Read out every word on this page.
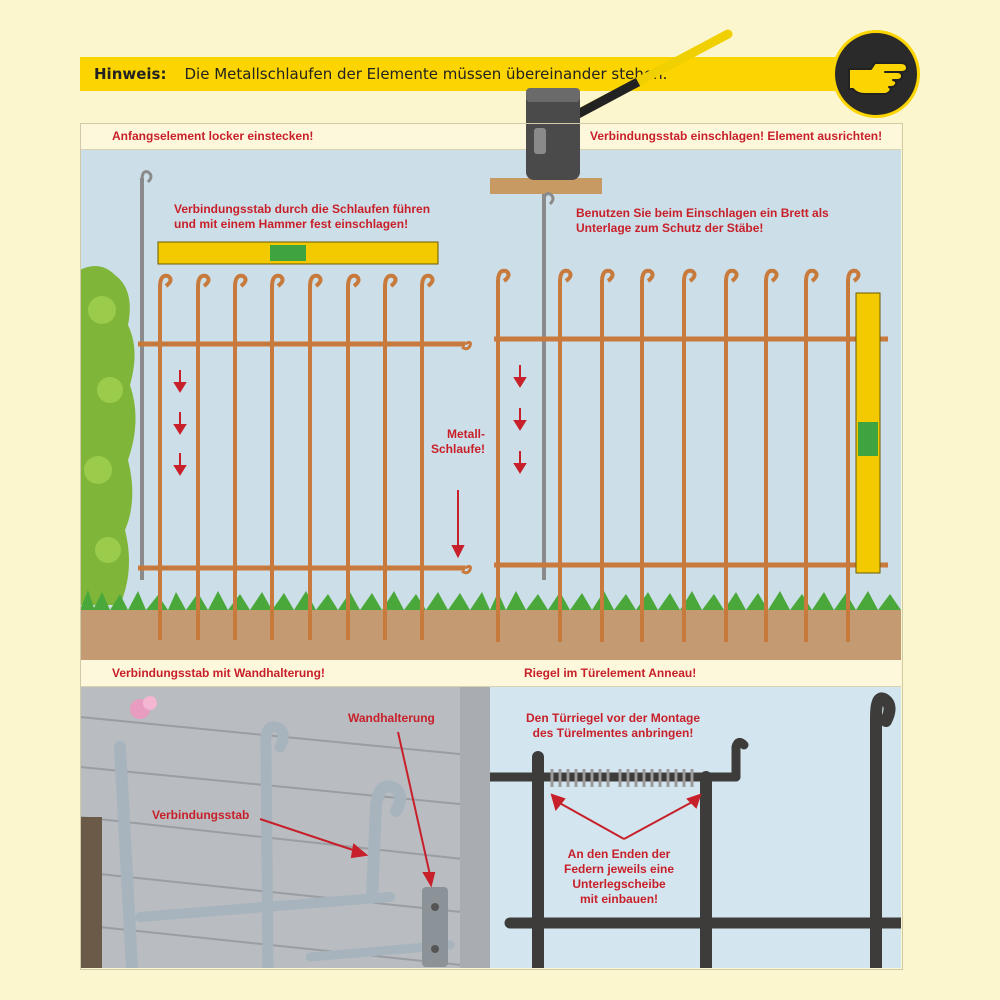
Hinweis: Die Metallschlaufen der Elemente müssen übereinander stehen.
Anfangselement locker einstecken!
Verbindungsstab durch die Schlaufen führen
und mit einem Hammer fest einschlagen!
Metall-
Schlaufe!
Verbindungsstab einschlagen! Element ausrichten!
Benutzen Sie beim Einschlagen ein Brett als
Unterlage zum Schutz der Stäbe!
Verbindungsstab mit Wandhalterung!
Wandhalterung
Verbindungsstab
Riegel im Türelement Anneau!
Den Türriegel vor der Montage
des Türelmentes anbringen!
An den Enden der
Federn jeweils eine
Unterlegscheibe
mit einbauen!
